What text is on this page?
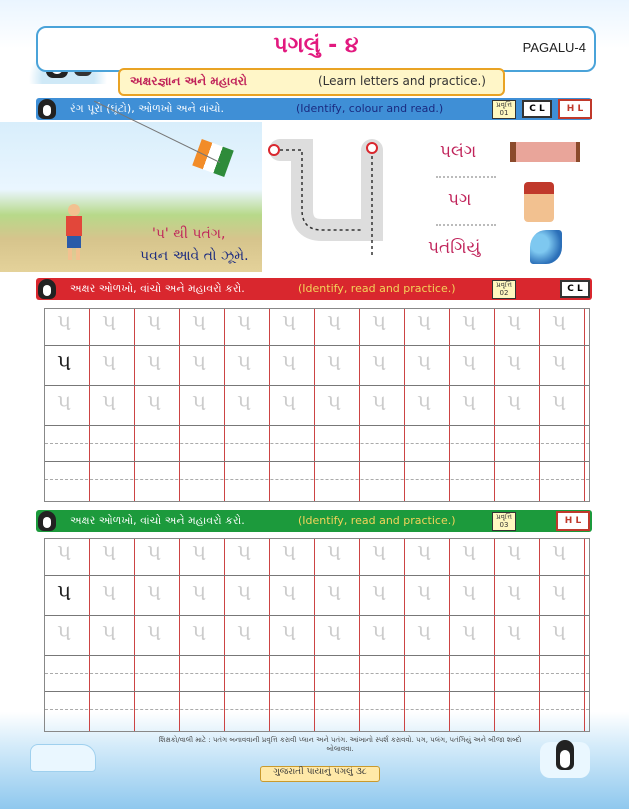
પગલું - ૪	PAGALU-4
અક્ષરજ્ઞાન અને મહાવરો	(Learn letters and practice.)
રંગ પૂરો (ઘૂંટો), ઓળખો અને વાંચો.	(Identify, colour and read.)	પ્રવૃત્તિ 01	C L	H L
'પ' થી પતંગ,
પવન આવે તો ઝૂમે.
પલંગ
પગ
પતંગિયું
અક્ષર ઓળખો, વાંચો અને મહાવરો કરો.	(Identify, read and practice.)	પ્રવૃત્તિ 02	C L
પ પ પ પ પ પ પ પ પ પ પ પ
પ પ પ પ પ પ પ પ પ પ પ પ
પ પ પ પ પ પ પ પ પ પ પ પ
અક્ષર ઓળખો, વાંચો અને મહાવરો કરો.	(Identify, read and practice.)	પ્રવૃત્તિ 03	H L
પ પ પ પ પ પ પ પ પ પ પ પ
પ પ પ પ પ પ પ પ પ પ પ પ
પ પ પ પ પ પ પ પ પ પ પ પ
શિક્ષકો/વાલી માટે : પતંગ બનાવવાની પ્રવૃત્તિ કરાવી પ્લાન અને પતંગ. આંખાનો સ્પર્શ કરાવવો. પગ, પલંગ, પતંગિયું અને બીજા શબ્દો બોલાવવા.
ગુજરાતી પાયાનું પગલું ૩૮
